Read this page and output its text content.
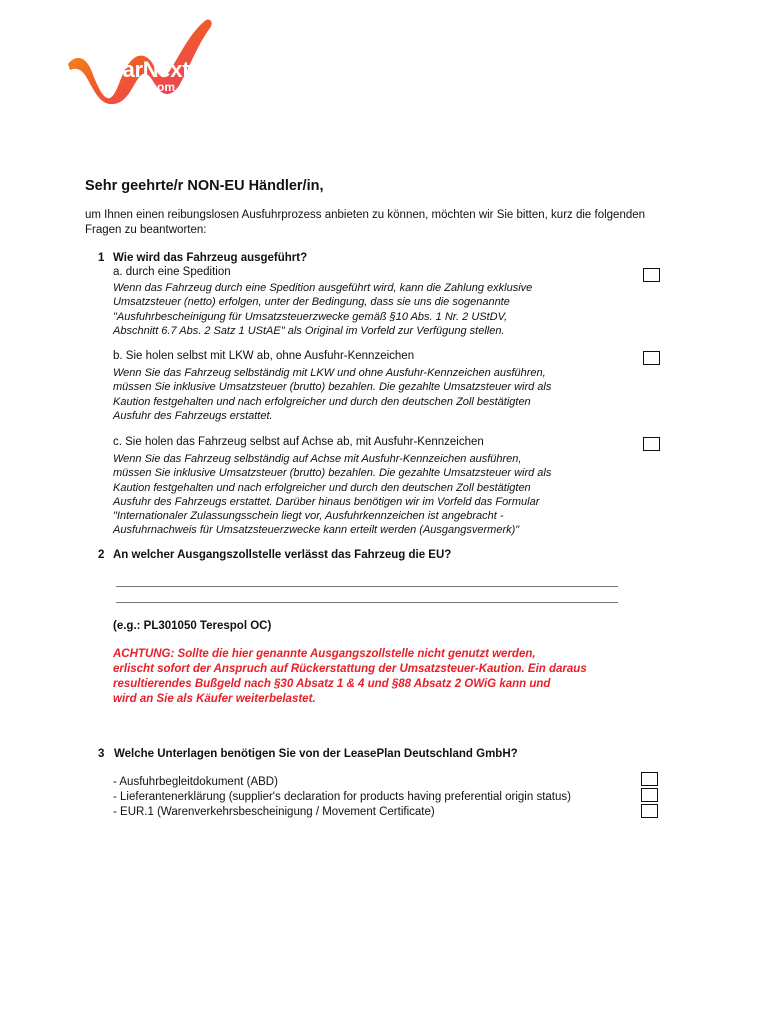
CarNext
.com
Sehr geehrte/r NON-EU Händler/in,
um Ihnen einen reibungslosen Ausfuhrprozess anbieten zu können, möchten wir Sie bitten, kurz die folgenden Fragen zu beantworten:
1 Wie wird das Fahrzeug ausgeführt?
a. durch eine Spedition
Wenn das Fahrzeug durch eine Spedition ausgeführt wird, kann die Zahlung exklusive
Umsatzsteuer (netto) erfolgen, unter der Bedingung, dass sie uns die sogenannte
"Ausfuhrbescheinigung für Umsatzsteuerzwecke gemäß §10 Abs. 1 Nr. 2 UStDV,
Abschnitt 6.7 Abs. 2 Satz 1 UStAE" als Original im Vorfeld zur Verfügung stellen.
b. Sie holen selbst mit LKW ab, ohne Ausfuhr-Kennzeichen
Wenn Sie das Fahrzeug selbständig mit LKW und ohne Ausfuhr-Kennzeichen ausführen,
müssen Sie inklusive Umsatzsteuer (brutto) bezahlen. Die gezahlte Umsatzsteuer wird als
Kaution festgehalten und nach erfolgreicher und durch den deutschen Zoll bestätigten
Ausfuhr des Fahrzeugs erstattet.
c. Sie holen das Fahrzeug selbst auf Achse ab, mit Ausfuhr-Kennzeichen
Wenn Sie das Fahrzeug selbständig auf Achse mit Ausfuhr-Kennzeichen ausführen,
müssen Sie inklusive Umsatzsteuer (brutto) bezahlen. Die gezahlte Umsatzsteuer wird als
Kaution festgehalten und nach erfolgreicher und durch den deutschen Zoll bestätigten
Ausfuhr des Fahrzeugs erstattet. Darüber hinaus benötigen wir im Vorfeld das Formular
"Internationaler Zulassungsschein liegt vor, Ausfuhrkennzeichen ist angebracht -
Ausfuhrnachweis für Umsatzsteuerzwecke kann erteilt werden (Ausgangsvermerk)"
2 An welcher Ausgangszollstelle verlässt das Fahrzeug die EU?
(e.g.: PL301050 Terespol OC)
ACHTUNG: Sollte die hier genannte Ausgangszollstelle nicht genutzt werden,
erlischt sofort der Anspruch auf Rückerstattung der Umsatzsteuer-Kaution. Ein daraus
resultierendes Bußgeld nach §30 Absatz 1 & 4 und §88 Absatz 2 OWiG kann und
wird an Sie als Käufer weiterbelastet.
3 Welche Unterlagen benötigen Sie von der LeasePlan Deutschland GmbH?
- Ausfuhrbegleitdokument (ABD)
- Lieferantenerklärung (supplier's declaration for products having preferential origin status)
- EUR.1 (Warenverkehrsbescheinigung / Movement Certificate)
